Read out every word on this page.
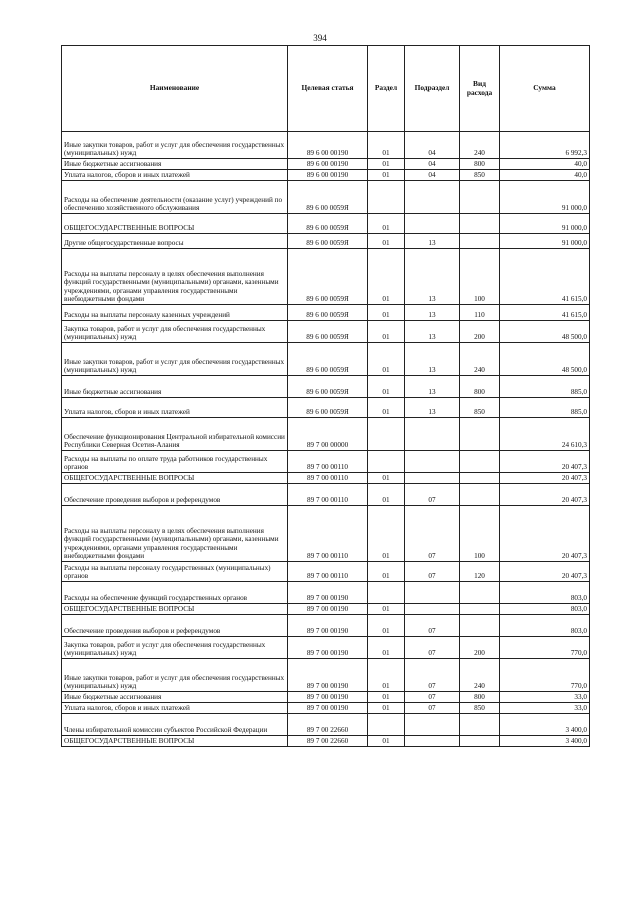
394
Наименование	Целевая статья	Раздел	Подраздел	Вид расхода	Сумма
Иные закупки товаров, работ и услуг для обеспечения государственных (муниципальных) нужд	89 6 00 00190	01	04	240	6 992,3
Иные бюджетные ассигнования	89 6 00 00190	01	04	800	40,0
Уплата налогов, сборов и иных платежей	89 6 00 00190	01	04	850	40,0
Расходы на обеспечение деятельности (оказание услуг) учреждений по обеспечению хозяйственного обслуживания	89 6 00 0059Я				91 000,0
ОБЩЕГОСУДАРСТВЕННЫЕ ВОПРОСЫ	89 6 00 0059Я	01			91 000,0
Другие общегосударственные вопросы	89 6 00 0059Я	01	13		91 000,0
Расходы на выплаты персоналу в целях обеспечения выполнения функций государственными (муниципальными) органами, казенными учреждениями, органами управления государственными внебюджетными фондами	89 6 00 0059Я	01	13	100	41 615,0
Расходы на выплаты персоналу казенных учреждений	89 6 00 0059Я	01	13	110	41 615,0
Закупка товаров, работ и услуг для обеспечения государственных (муниципальных) нужд	89 6 00 0059Я	01	13	200	48 500,0
Иные закупки товаров, работ и услуг для обеспечения государственных (муниципальных) нужд	89 6 00 0059Я	01	13	240	48 500,0
Иные бюджетные ассигнования	89 6 00 0059Я	01	13	800	885,0
Уплата налогов, сборов и иных платежей	89 6 00 0059Я	01	13	850	885,0
Обеспечение функционирования Центральной избирательной комиссии Республики Северная Осетия-Алания	89 7 00 00000				24 610,3
Расходы на выплаты по оплате труда работников государственных органов	89 7 00 00110				20 407,3
ОБЩЕГОСУДАРСТВЕННЫЕ ВОПРОСЫ	89 7 00 00110	01			20 407,3
Обеспечение проведения выборов и референдумов	89 7 00 00110	01	07		20 407,3
Расходы на выплаты персоналу в целях обеспечения выполнения функций государственными (муниципальными) органами, казенными учреждениями, органами управления государственными внебюджетными фондами	89 7 00 00110	01	07	100	20 407,3
Расходы на выплаты персоналу государственных (муниципальных) органов	89 7 00 00110	01	07	120	20 407,3
Расходы на обеспечение функций государственных органов	89 7 00 00190				803,0
ОБЩЕГОСУДАРСТВЕННЫЕ ВОПРОСЫ	89 7 00 00190	01			803,0
Обеспечение проведения выборов и референдумов	89 7 00 00190	01	07		803,0
Закупка товаров, работ и услуг для обеспечения государственных (муниципальных) нужд	89 7 00 00190	01	07	200	770,0
Иные закупки товаров, работ и услуг для обеспечения государственных (муниципальных) нужд	89 7 00 00190	01	07	240	770,0
Иные бюджетные ассигнования	89 7 00 00190	01	07	800	33,0
Уплата налогов, сборов и иных платежей	89 7 00 00190	01	07	850	33,0
Члены избирательной комиссии субъектов Российской Федерации	89 7 00 22660				3 400,0
ОБЩЕГОСУДАРСТВЕННЫЕ ВОПРОСЫ	89 7 00 22660	01			3 400,0
